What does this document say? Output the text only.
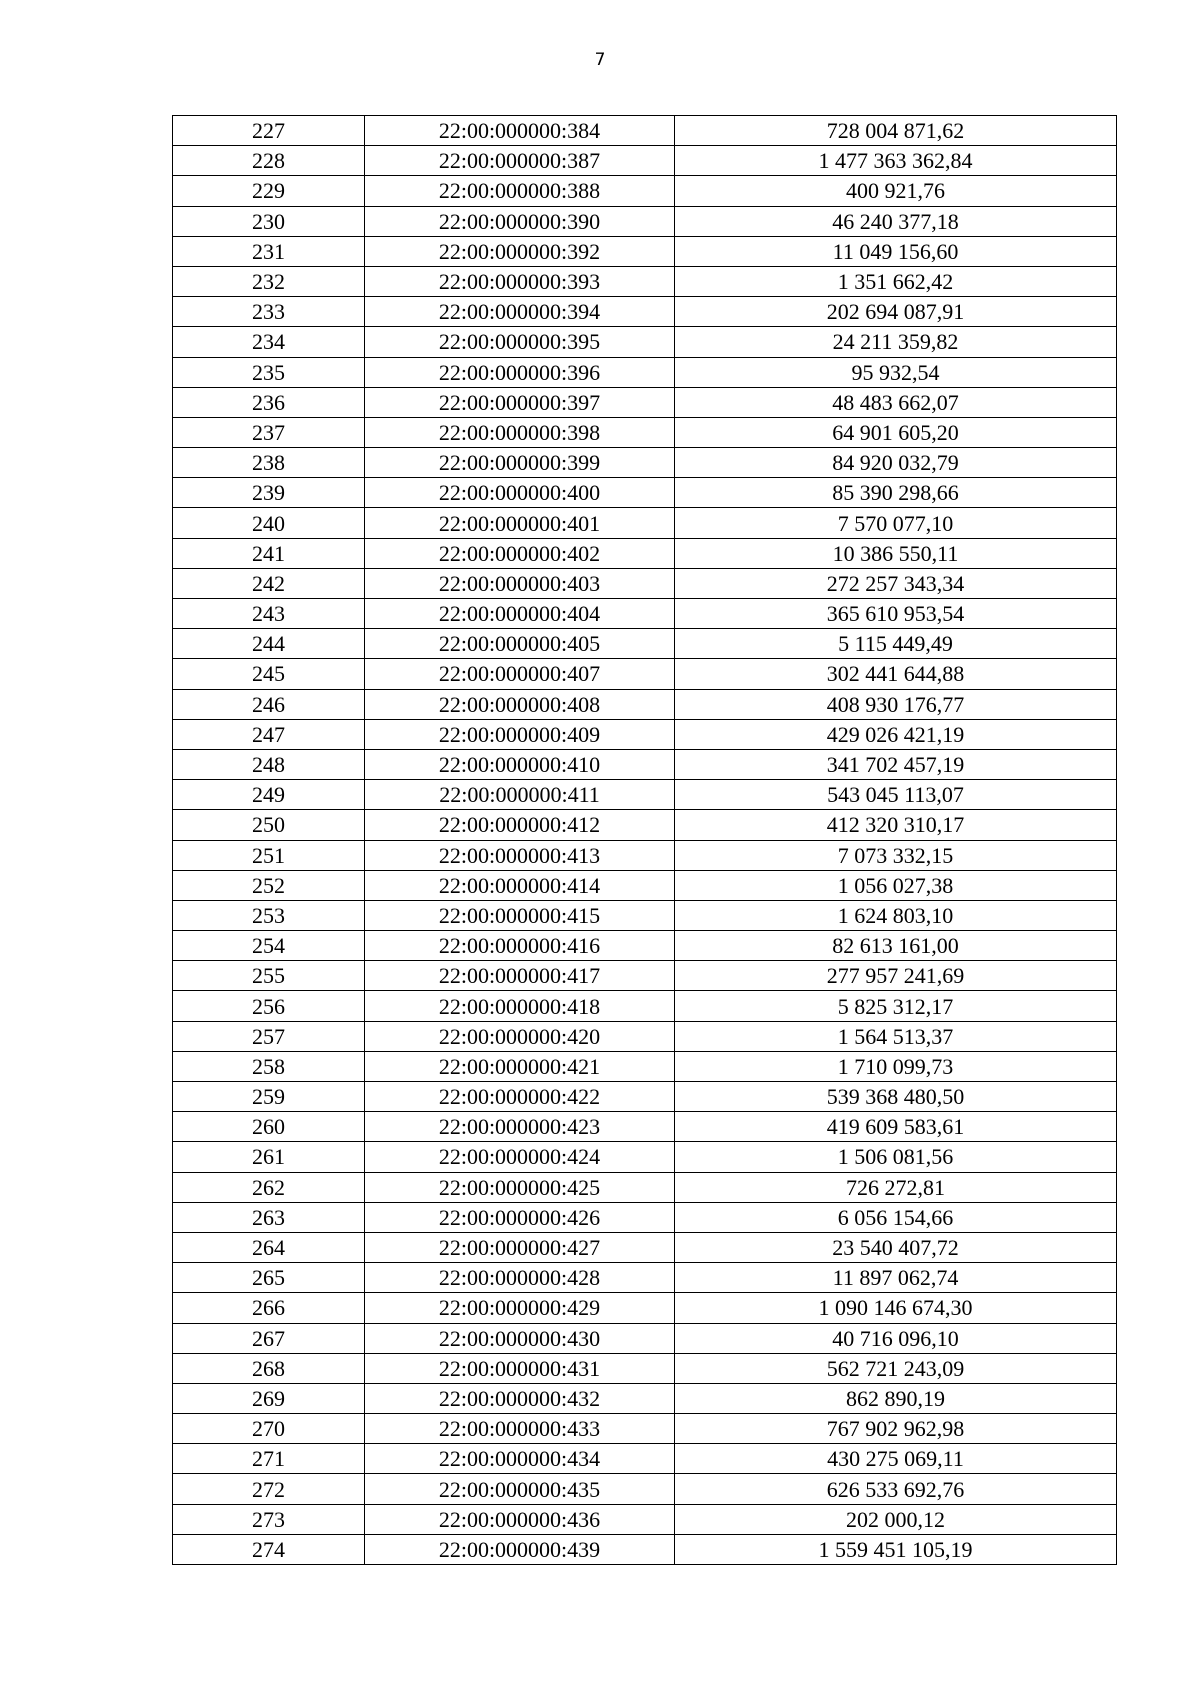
7
227	22:00:000000:384	728 004 871,62
228	22:00:000000:387	1 477 363 362,84
229	22:00:000000:388	400 921,76
230	22:00:000000:390	46 240 377,18
231	22:00:000000:392	11 049 156,60
232	22:00:000000:393	1 351 662,42
233	22:00:000000:394	202 694 087,91
234	22:00:000000:395	24 211 359,82
235	22:00:000000:396	95 932,54
236	22:00:000000:397	48 483 662,07
237	22:00:000000:398	64 901 605,20
238	22:00:000000:399	84 920 032,79
239	22:00:000000:400	85 390 298,66
240	22:00:000000:401	7 570 077,10
241	22:00:000000:402	10 386 550,11
242	22:00:000000:403	272 257 343,34
243	22:00:000000:404	365 610 953,54
244	22:00:000000:405	5 115 449,49
245	22:00:000000:407	302 441 644,88
246	22:00:000000:408	408 930 176,77
247	22:00:000000:409	429 026 421,19
248	22:00:000000:410	341 702 457,19
249	22:00:000000:411	543 045 113,07
250	22:00:000000:412	412 320 310,17
251	22:00:000000:413	7 073 332,15
252	22:00:000000:414	1 056 027,38
253	22:00:000000:415	1 624 803,10
254	22:00:000000:416	82 613 161,00
255	22:00:000000:417	277 957 241,69
256	22:00:000000:418	5 825 312,17
257	22:00:000000:420	1 564 513,37
258	22:00:000000:421	1 710 099,73
259	22:00:000000:422	539 368 480,50
260	22:00:000000:423	419 609 583,61
261	22:00:000000:424	1 506 081,56
262	22:00:000000:425	726 272,81
263	22:00:000000:426	6 056 154,66
264	22:00:000000:427	23 540 407,72
265	22:00:000000:428	11 897 062,74
266	22:00:000000:429	1 090 146 674,30
267	22:00:000000:430	40 716 096,10
268	22:00:000000:431	562 721 243,09
269	22:00:000000:432	862 890,19
270	22:00:000000:433	767 902 962,98
271	22:00:000000:434	430 275 069,11
272	22:00:000000:435	626 533 692,76
273	22:00:000000:436	202 000,12
274	22:00:000000:439	1 559 451 105,19
